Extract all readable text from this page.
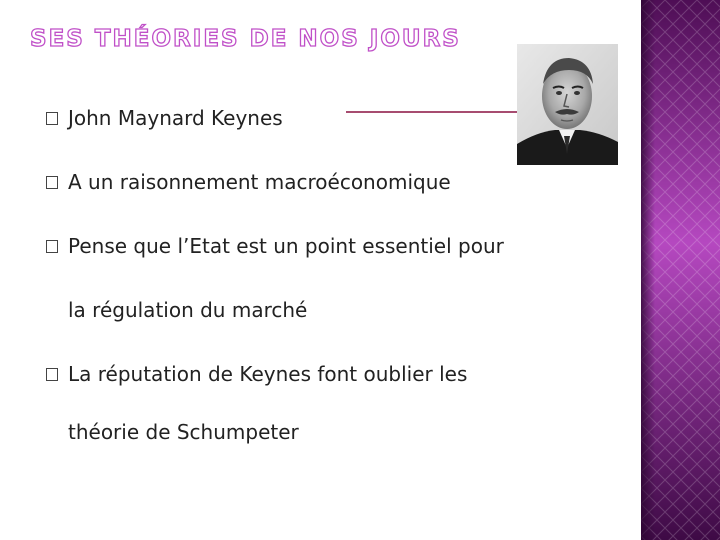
SES THÉORIES DE NOS JOURS
John Maynard Keynes
A un raisonnement macroéconomique
Pense que l’Etat est un point essentiel pour
la régulation du marché
La réputation de Keynes font oublier les
théorie de Schumpeter
